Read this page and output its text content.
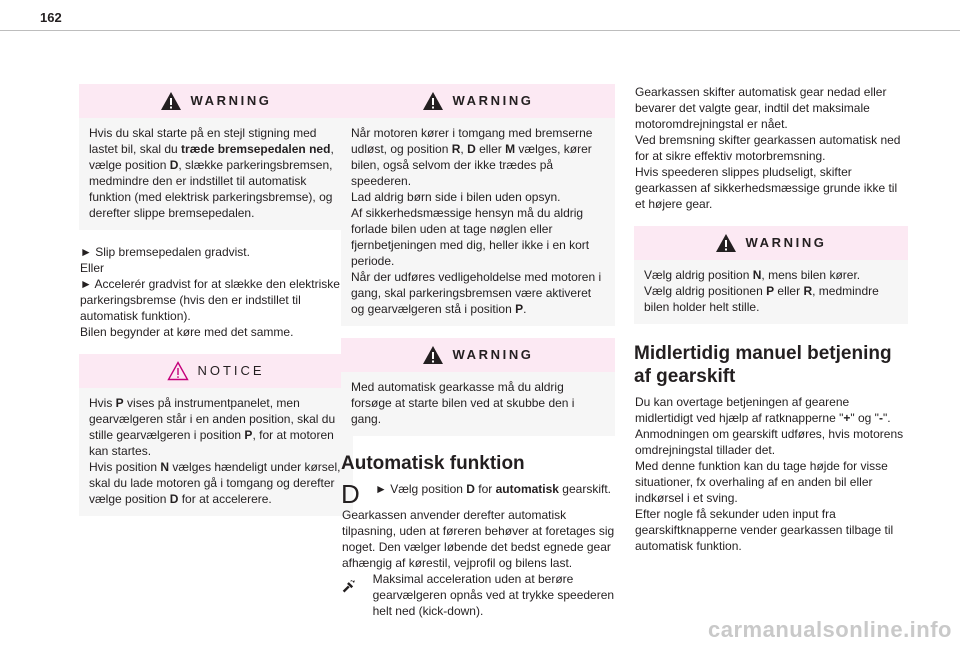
162
WARNING
Hvis du skal starte på en stejl stigning med lastet bil, skal du træde bremsepedalen ned, vælge position D, slække parkeringsbremsen, medmindre den er indstillet til automatisk funktion (med elektrisk parkeringsbremse), og derefter slippe bremsepedalen.
► Slip bremsepedalen gradvist.
Eller
► Accelerér gradvist for at slække den elektriske parkeringsbremse (hvis den er indstillet til automatisk funktion).
Bilen begynder at køre med det samme.
NOTICE
Hvis P vises på instrumentpanelet, men gearvælgeren står i en anden position, skal du stille gearvælgeren i position P, for at motoren kan startes.
Hvis position N vælges hændeligt under kørsel, skal du lade motoren gå i tomgang og derefter vælge position D for at accelerere.
WARNING
Når motoren kører i tomgang med bremserne udløst, og position R, D eller M vælges, kører bilen, også selvom der ikke trædes på speederen.
Lad aldrig børn side i bilen uden opsyn.
Af sikkerhedsmæssige hensyn må du aldrig forlade bilen uden at tage nøglen eller fjernbetjeningen med dig, heller ikke i en kort periode.
Når der udføres vedligeholdelse med motoren i gang, skal parkeringsbremsen være aktiveret og gearvælgeren stå i position P.
WARNING
Med automatisk gearkasse må du aldrig forsøge at starte bilen ved at skubbe den i gang.
Automatisk funktion
D	► Vælg position D for automatisk gearskift.
Gearkassen anvender derefter automatisk tilpasning, uden at føreren behøver at foretages sig noget. Den vælger løbende det bedst egnede gear afhængig af kørestil, vejprofil og bilens last.
Maksimal acceleration uden at berøre gearvælgeren opnås ved at trykke speederen helt ned (kick-down).
Gearkassen skifter automatisk gear nedad eller bevarer det valgte gear, indtil det maksimale motoromdrejningstal er nået.
Ved bremsning skifter gearkassen automatisk ned for at sikre effektiv motorbremsning.
Hvis speederen slippes pludseligt, skifter gearkassen af sikkerhedsmæssige grunde ikke til et højere gear.
WARNING
Vælg aldrig position N, mens bilen kører.
Vælg aldrig positionen P eller R, medmindre bilen holder helt stille.
Midlertidig manuel betjening af gearskift
Du kan overtage betjeningen af gearene midlertidigt ved hjælp af ratknapperne "+" og "-". Anmodningen om gearskift udføres, hvis motorens omdrejningstal tillader det.
Med denne funktion kan du tage højde for visse situationer, fx overhaling af en anden bil eller indkørsel i et sving.
Efter nogle få sekunder uden input fra gearskiftknapperne vender gearkassen tilbage til automatisk funktion.
carmanualsonline.info
